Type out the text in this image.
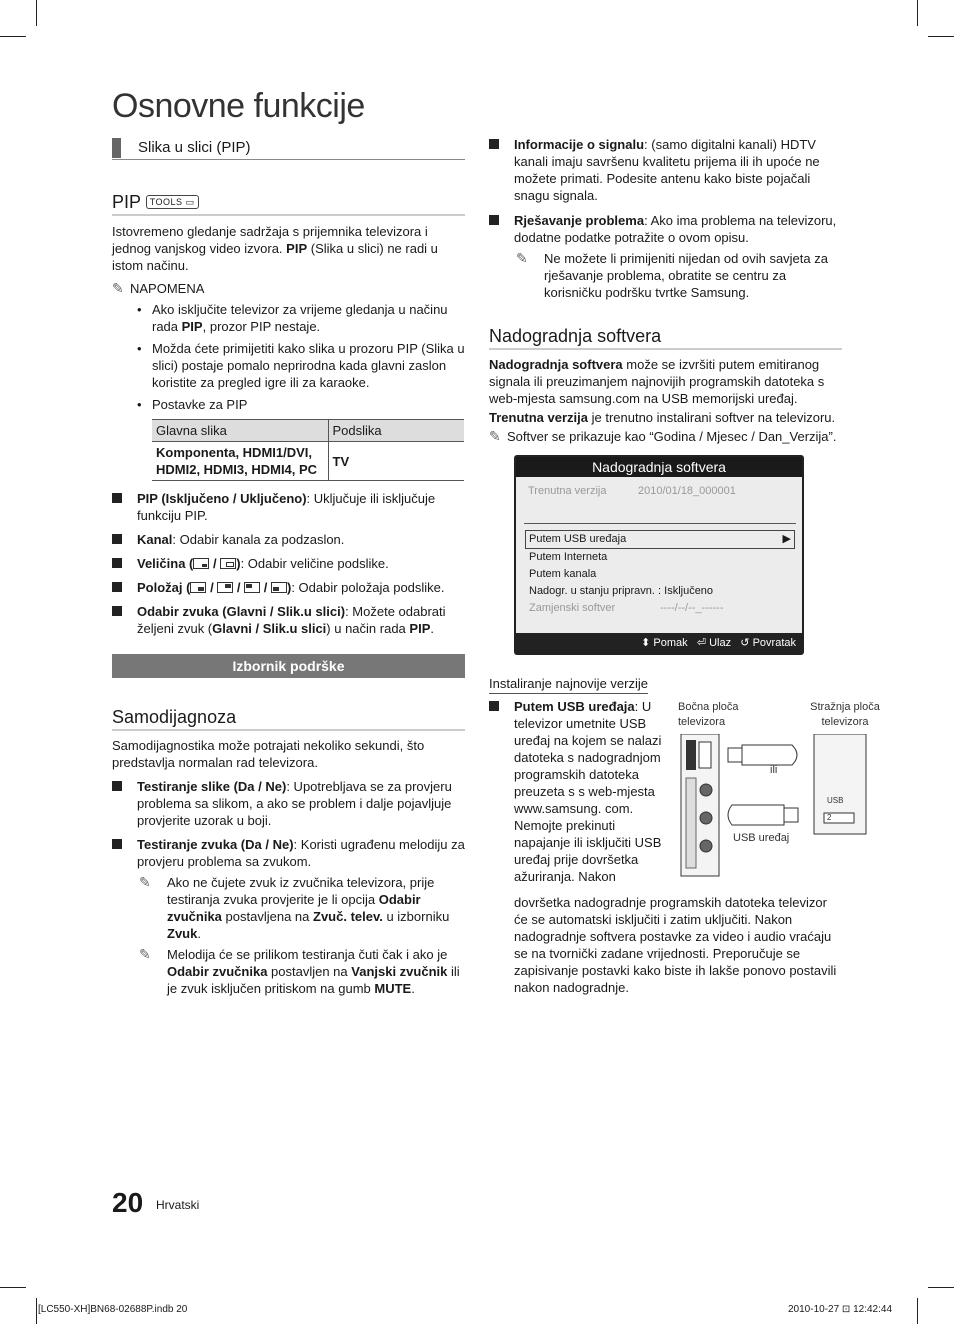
Osnovne funkcije
Slika u slici (PIP)
PIP TOOLS ▭

Istovremeno gledanje sadržaja s prijemnika televizora i jednog vanjskog video izvora. PIP (Slika u slici) ne radi u istom načinu.

✎ NAPOMENA
• Ako isključite televizor za vrijeme gledanja u načinu rada PIP, prozor PIP nestaje.
• Možda ćete primijetiti kako slika u prozoru PIP (Slika u slici) postaje pomalo neprirodna kada glavni zaslon koristite za pregled igre ili za karaoke.
• Postavke za PIP
Glavna slika	Podslika
Komponenta, HDMI1/DVI, HDMI2, HDMI3, HDMI4, PC	TV
PIP (Isključeno / Uključeno): Uključuje ili isključuje funkciju PIP.
Kanal: Odabir kanala za podzaslon.
Veličina (
/
): Odabir veličine podslike.
Položaj (
/
/
/
): Odabir položaja podslike.
Odabir zvuka (Glavni / Slik.u slici): Možete odabrati željeni zvuk (Glavni / Slik.u slici) u način rada PIP.
Izbornik podrške
Samodijagnoza

Samodijagnostika može potrajati nekoliko sekundi, što predstavlja normalan rad televizora.

Testiranje slike (Da / Ne): Upotrebljava se za provjeru problema sa slikom, a ako se problem i dalje pojavljuje provjerite uzorak u boji.
Testiranje zvuka (Da / Ne): Koristi ugrađenu melodiju za provjeru problema sa zvukom.
✎	Ako ne čujete zvuk iz zvučnika televizora, prije testiranja zvuka provjerite je li opcija Odabir zvučnika postavljena na Zvuč. telev. u izborniku Zvuk.
✎	Melodija će se prilikom testiranja čuti čak i ako je Odabir zvučnika postavljen na Vanjski zvučnik ili je zvuk isključen pritiskom na gumb MUTE.
Informacije o signalu: (samo digitalni kanali) HDTV kanali imaju savršenu kvalitetu prijema ili ih upoće ne možete primati. Podesite antenu kako biste pojačali snagu signala.
Rješavanje problema: Ako ima problema na televizoru, dodatne podatke potražite o ovom opisu.
✎	Ne možete li primijeniti nijedan od ovih savjeta za rješavanje problema, obratite se centru za korisničku podršku tvrtke Samsung.
Nadogradnja softvera

Nadogradnja softvera može se izvršiti putem emitiranog signala ili preuzimanjem najnovijih programskih datoteka s web-mjesta samsung.com na USB memorijski uređaj.

Trenutna verzija je trenutno instalirani softver na televizoru.

✎ Softver se prikazuje kao “Godina / Mjesec / Dan_Verzija”.

Nadogradnja softvera
Trenutna verzija	2010/01/18_000001
Putem USB uređaja	▶
Putem Interneta
Putem kanala
Nadogr. u stanju pripravn. : Isključeno
Zamjenski softver	----/--/--_------
⬍ Pomak ⏎ Ulaz ↺ Povratak
Instaliranje najnovije verzije
Putem USB uređaja: U televizor umetnite USB uređaj na kojem se nalazi datoteka s nadogradnjom programskih datoteka preuzeta s s web-mjesta www.samsung. com. Nemojte prekinuti napajanje ili isključiti USB uređaj prije dovršetka ažuriranja. Nakon
Bočna ploča televizora
Stražnja ploča televizora
ili
USB 2
USB uređaj

dovršetka nadogradnje programskih datoteka televizor će se automatski isključiti i zatim uključiti. Nakon nadogradnje softvera postavke za video i audio vraćaju se na tvornički zadane vrijednosti. Preporučuje se zapisivanje postavki kako biste ih lakše ponovo postavili nakon nadogradnje.

20 Hrvatski
[LC550-XH]BN68-02688P.indb 20	2010-10-27 ⊡ 12:42:44
